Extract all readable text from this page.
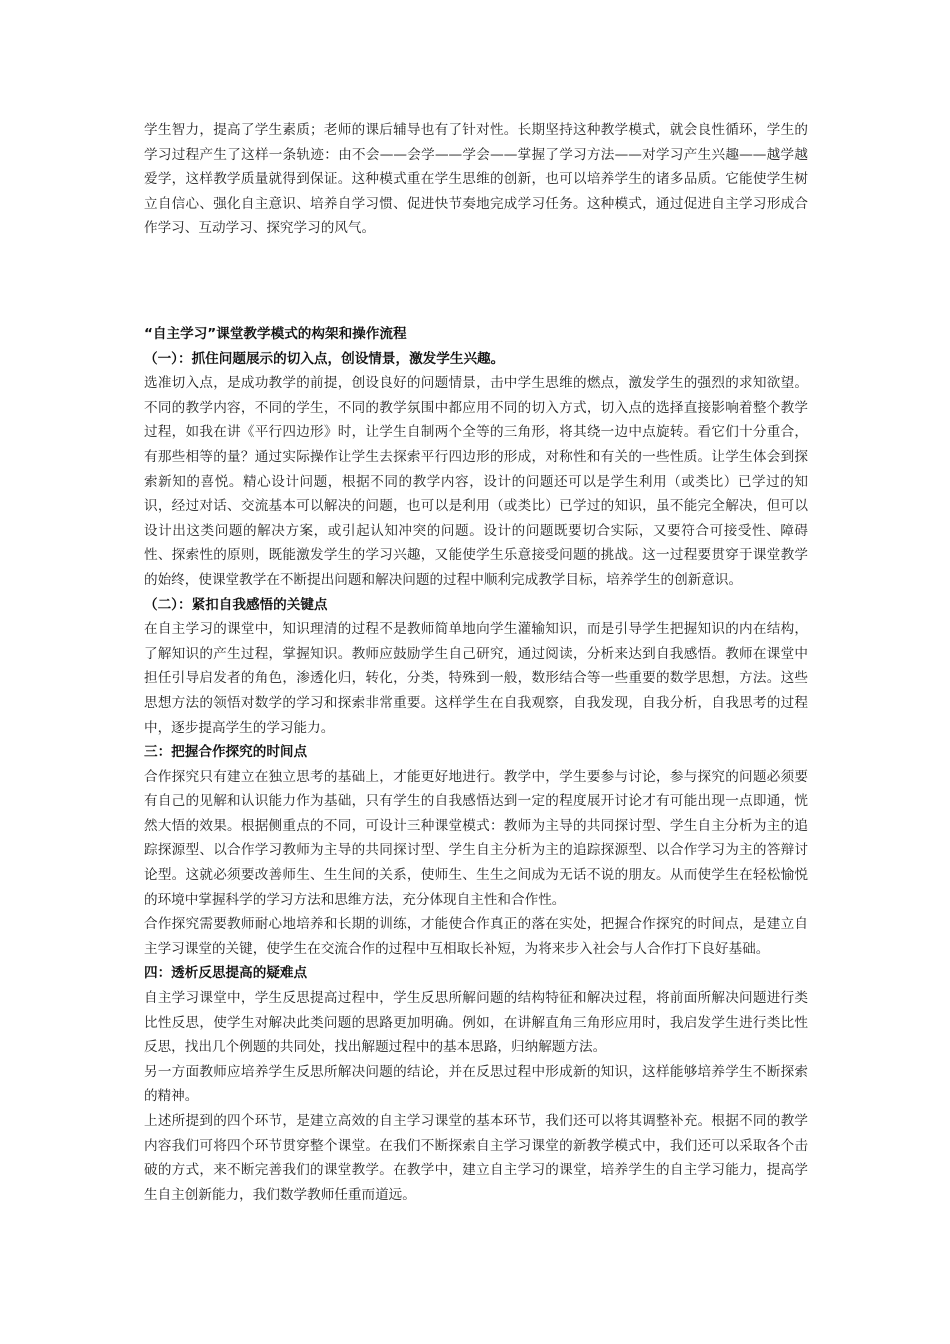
学生智力，提高了学生素质；老师的课后辅导也有了针对性。长期坚持这种教学模式，就会良性循环，学生的学习过程产生了这样一条轨迹：由不会——会学——学会——掌握了学习方法——对学习产生兴趣——越学越爱学，这样教学质量就得到保证。这种模式重在学生思维的创新，也可以培养学生的诸多品质。它能使学生树立自信心、强化自主意识、培养自学习惯、促进快节奏地完成学习任务。这种模式，通过促进自主学习形成合作学习、互动学习、探究学习的风气。

“自主学习”课堂教学模式的构架和操作流程
（一）：抓住问题展示的切入点，创设情景，激发学生兴趣。

选准切入点，是成功教学的前提，创设良好的问题情景，击中学生思维的燃点，激发学生的强烈的求知欲望。不同的教学内容，不同的学生，不同的教学氛围中都应用不同的切入方式，切入点的选择直接影响着整个教学过程，如我在讲《平行四边形》时，让学生自制两个全等的三角形，将其绕一边中点旋转。看它们十分重合，有那些相等的量？通过实际操作让学生去探索平行四边形的形成，对称性和有关的一些性质。让学生体会到探索新知的喜悦。精心设计问题，根据不同的教学内容，设计的问题还可以是学生利用（或类比）已学过的知识，经过对话、交流基本可以解决的问题，也可以是利用（或类比）已学过的知识，虽不能完全解决，但可以设计出这类问题的解决方案，或引起认知冲突的问题。设计的问题既要切合实际，又要符合可接受性、障碍性、探索性的原则，既能激发学生的学习兴趣，又能使学生乐意接受问题的挑战。这一过程要贯穿于课堂教学的始终，使课堂教学在不断提出问题和解决问题的过程中顺利完成教学目标，培养学生的创新意识。

（二）：紧扣自我感悟的关键点

在自主学习的课堂中，知识理清的过程不是教师简单地向学生灌输知识，而是引导学生把握知识的内在结构，了解知识的产生过程，掌握知识。教师应鼓励学生自己研究，通过阅读，分析来达到自我感悟。教师在课堂中担任引导启发者的角色，渗透化归，转化，分类，特殊到一般，数形结合等一些重要的数学思想，方法。这些思想方法的领悟对数学的学习和探索非常重要。这样学生在自我观察，自我发现，自我分析，自我思考的过程中，逐步提高学生的学习能力。

三：把握合作探究的时间点

合作探究只有建立在独立思考的基础上，才能更好地进行。教学中，学生要参与讨论，参与探究的问题必须要有自己的见解和认识能力作为基础，只有学生的自我感悟达到一定的程度展开讨论才有可能出现一点即通，恍然大悟的效果。根据侧重点的不同，可设计三种课堂模式：教师为主导的共同探讨型、学生自主分析为主的追踪探源型、以合作学习教师为主导的共同探讨型、学生自主分析为主的追踪探源型、以合作学习为主的答辩讨论型。这就必须要改善师生、生生间的关系，使师生、生生之间成为无话不说的朋友。从而使学生在轻松愉悦的环境中掌握科学的学习方法和思维方法，充分体现自主性和合作性。

合作探究需要教师耐心地培养和长期的训练，才能使合作真正的落在实处，把握合作探究的时间点，是建立自主学习课堂的关键，使学生在交流合作的过程中互相取长补短，为将来步入社会与人合作打下良好基础。

四：透析反思提高的疑难点

自主学习课堂中，学生反思提高过程中，学生反思所解问题的结构特征和解决过程，将前面所解决问题进行类比性反思，使学生对解决此类问题的思路更加明确。例如，在讲解直角三角形应用时，我启发学生进行类比性反思，找出几个例题的共同处，找出解题过程中的基本思路，归纳解题方法。

另一方面教师应培养学生反思所解决问题的结论，并在反思过程中形成新的知识，这样能够培养学生不断探索的精神。

上述所提到的四个环节，是建立高效的自主学习课堂的基本环节，我们还可以将其调整补充。根据不同的教学内容我们可将四个环节贯穿整个课堂。在我们不断探索自主学习课堂的新教学模式中，我们还可以采取各个击破的方式，来不断完善我们的课堂教学。在教学中，建立自主学习的课堂，培养学生的自主学习能力，提高学生自主创新能力，我们数学教师任重而道远。
